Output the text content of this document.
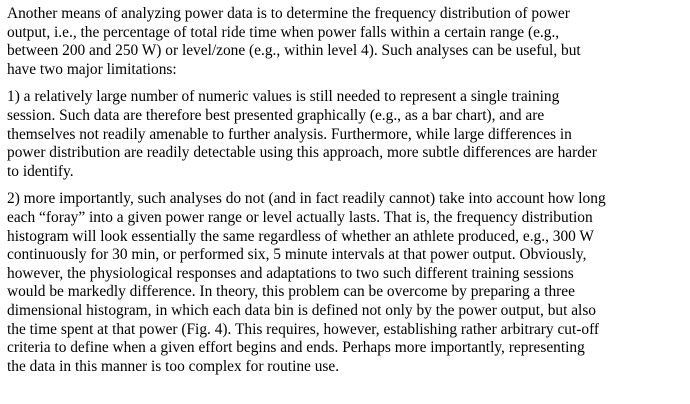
Another means of analyzing power data is to determine the frequency distribution of power
output, i.e., the percentage of total ride time when power falls within a certain range (e.g.,
between 200 and 250 W) or level/zone (e.g., within level 4). Such analyses can be useful, but
have two major limitations:

1) a relatively large number of numeric values is still needed to represent a single training
session. Such data are therefore best presented graphically (e.g., as a bar chart), and are
themselves not readily amenable to further analysis. Furthermore, while large differences in
power distribution are readily detectable using this approach, more subtle differences are harder
to identify.

2) more importantly, such analyses do not (and in fact readily cannot) take into account how long
each “foray” into a given power range or level actually lasts. That is, the frequency distribution
histogram will look essentially the same regardless of whether an athlete produced, e.g., 300 W
continuously for 30 min, or performed six, 5 minute intervals at that power output. Obviously,
however, the physiological responses and adaptations to two such different training sessions
would be markedly difference. In theory, this problem can be overcome by preparing a three
dimensional histogram, in which each data bin is defined not only by the power output, but also
the time spent at that power (Fig. 4). This requires, however, establishing rather arbitrary cut-off
criteria to define when a given effort begins and ends. Perhaps more importantly, representing
the data in this manner is too complex for routine use.
